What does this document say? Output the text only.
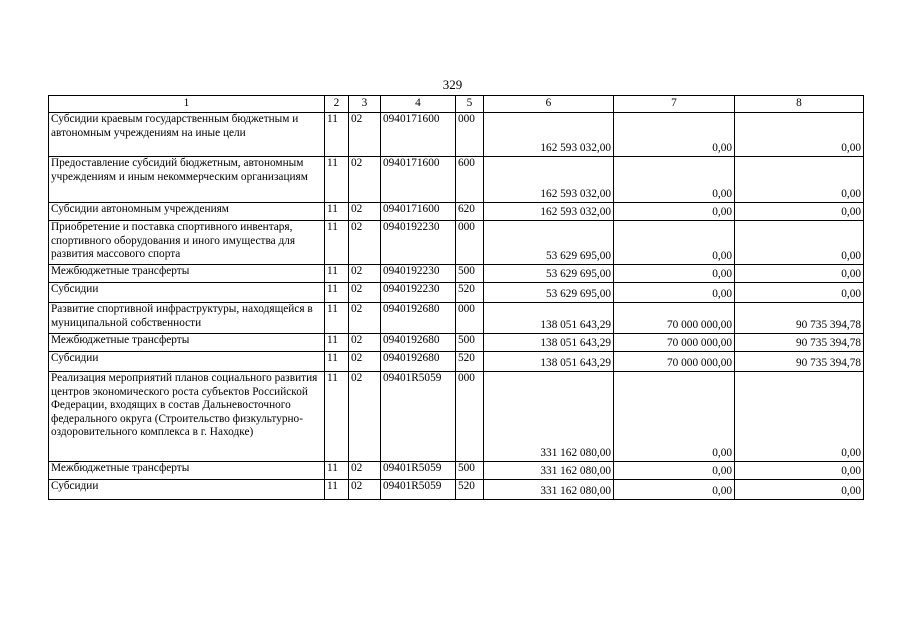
329
1	2	3	4	5	6	7	8
Субсидии краевым государственным бюджетным и автономным учреждениям на иные цели	11	02	0940171600	000	162 593 032,00	0,00	0,00
Предоставление субсидий бюджетным, автономным учреждениям и иным некоммерческим организациям	11	02	0940171600	600	162 593 032,00	0,00	0,00
Субсидии автономным учреждениям	11	02	0940171600	620	162 593 032,00	0,00	0,00
Приобретение и поставка спортивного инвентаря, спортивного оборудования и иного имущества для развития массового спорта	11	02	0940192230	000	53 629 695,00	0,00	0,00
Межбюджетные трансферты	11	02	0940192230	500	53 629 695,00	0,00	0,00
Субсидии	11	02	0940192230	520	53 629 695,00	0,00	0,00
Развитие спортивной инфраструктуры, находящейся в муниципальной собственности	11	02	0940192680	000	138 051 643,29	70 000 000,00	90 735 394,78
Межбюджетные трансферты	11	02	0940192680	500	138 051 643,29	70 000 000,00	90 735 394,78
Субсидии	11	02	0940192680	520	138 051 643,29	70 000 000,00	90 735 394,78
Реализация мероприятий планов социального развития центров экономического роста субъектов Российской Федерации, входящих в состав Дальневосточного федерального округа (Строительство физкультурно-оздоровительного комплекса в г. Находке)	11	02	09401R5059	000	331 162 080,00	0,00	0,00
Межбюджетные трансферты	11	02	09401R5059	500	331 162 080,00	0,00	0,00
Субсидии	11	02	09401R5059	520	331 162 080,00	0,00	0,00
